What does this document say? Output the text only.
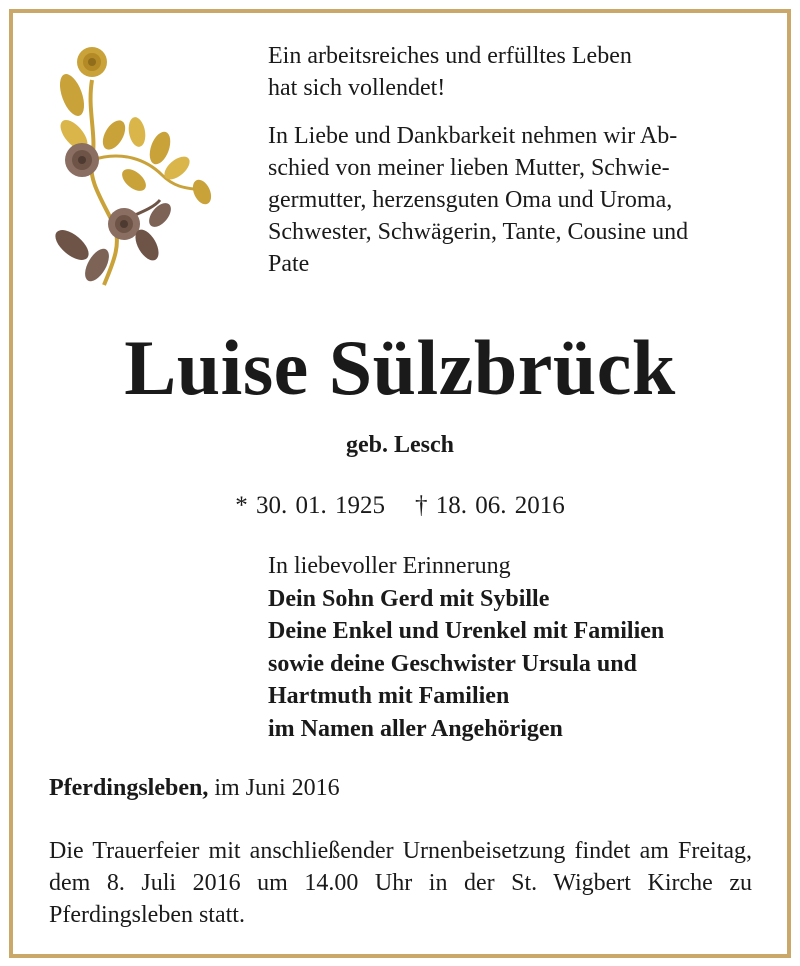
Ein arbeitsreiches und erfülltes Leben
hat sich vollendet!

In Liebe und Dankbarkeit nehmen wir Ab-
schied von meiner lieben Mutter, Schwie-
germutter, herzensguten Oma und Uroma,
Schwester, Schwägerin, Tante, Cousine und
Pate

Luise Sülzbrück
geb. Lesch
* 30. 01. 1925 † 18. 06. 2016
In liebevoller Erinnerung
Dein Sohn Gerd mit Sybille
Deine Enkel und Urenkel mit Familien
sowie deine Geschwister Ursula und
Hartmuth mit Familien
im Namen aller Angehörigen
Pferdingsleben, im Juni 2016
Die Trauerfeier mit anschließender Urnenbeisetzung findet am Freitag, dem 8. Juli 2016 um 14.00 Uhr in der St. Wigbert Kirche zu Pferdingsleben statt.
